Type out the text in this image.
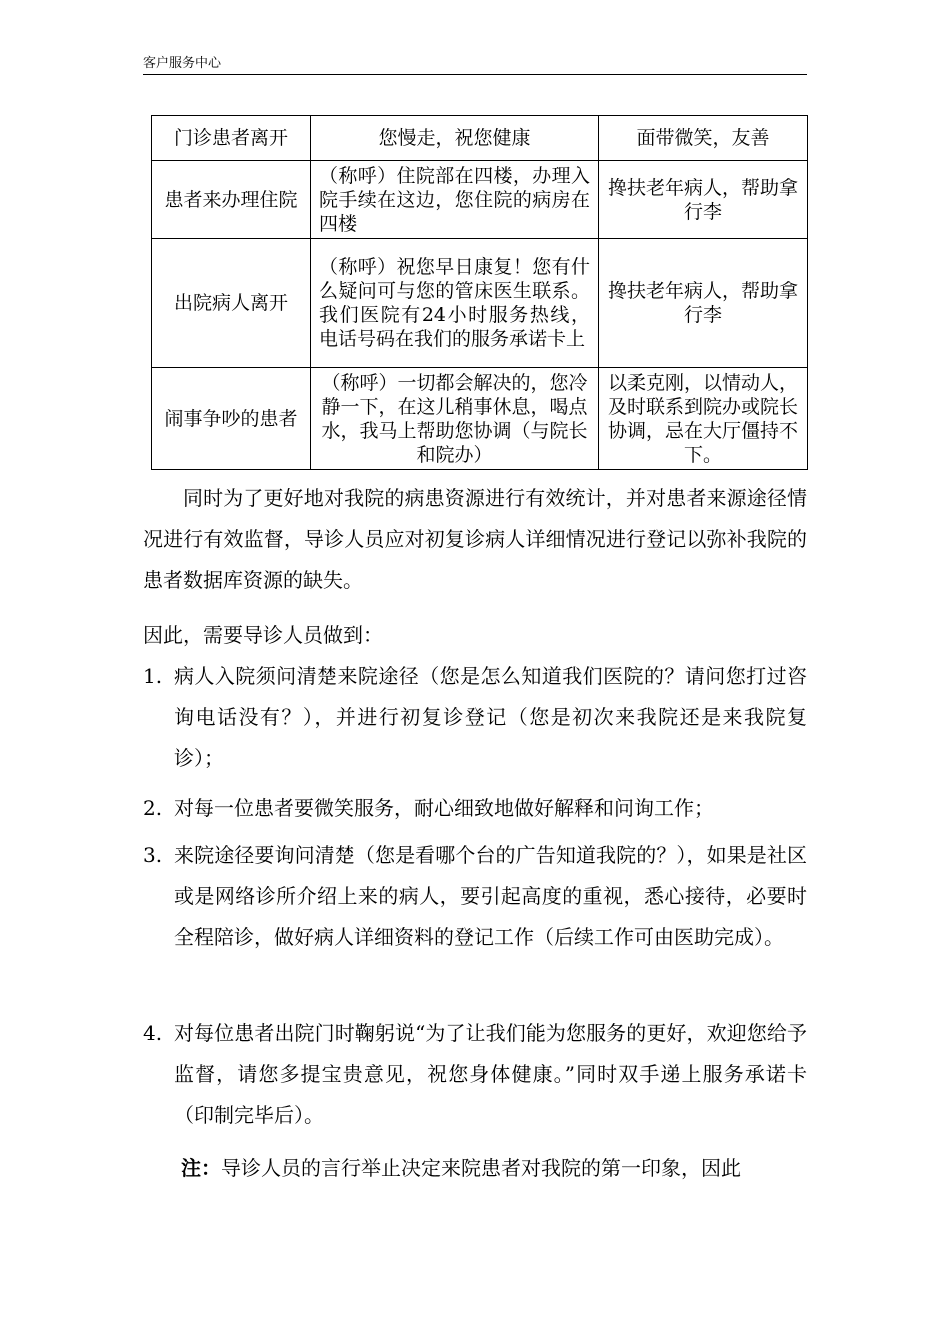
客户服务中心
门诊患者离开	您慢走，祝您健康	面带微笑，友善
患者来办理住院	（称呼）住院部在四楼，办理入院手续在这边，您住院的病房在四楼	搀扶老年病人，帮助拿行李
出院病人离开	（称呼）祝您早日康复！您有什么疑问可与您的管床医生联系。我们医院有24小时服务热线，电话号码在我们的服务承诺卡上	搀扶老年病人，帮助拿行李
闹事争吵的患者	（称呼）一切都会解决的，您冷静一下，在这儿稍事休息，喝点水，我马上帮助您协调（与院长和院办）	以柔克刚，以情动人，及时联系到院办或院长协调，忌在大厅僵持不下。
同时为了更好地对我院的病患资源进行有效统计，并对患者来源途径情况进行有效监督，导诊人员应对初复诊病人详细情况进行登记以弥补我院的患者数据库资源的缺失。
因此，需要导诊人员做到：
1. 病人入院须问清楚来院途径（您是怎么知道我们医院的？请问您打过咨询电话没有？），并进行初复诊登记（您是初次来我院还是来我院复诊）；
2. 对每一位患者要微笑服务，耐心细致地做好解释和问询工作；
3. 来院途径要询问清楚（您是看哪个台的广告知道我院的？），如果是社区或是网络诊所介绍上来的病人，要引起高度的重视，悉心接待，必要时全程陪诊，做好病人详细资料的登记工作（后续工作可由医助完成）。
4. 对每位患者出院门时鞠躬说“为了让我们能为您服务的更好，欢迎您给予监督，请您多提宝贵意见，祝您身体健康。”同时双手递上服务承诺卡（印制完毕后）。
注：导诊人员的言行举止决定来院患者对我院的第一印象，因此
